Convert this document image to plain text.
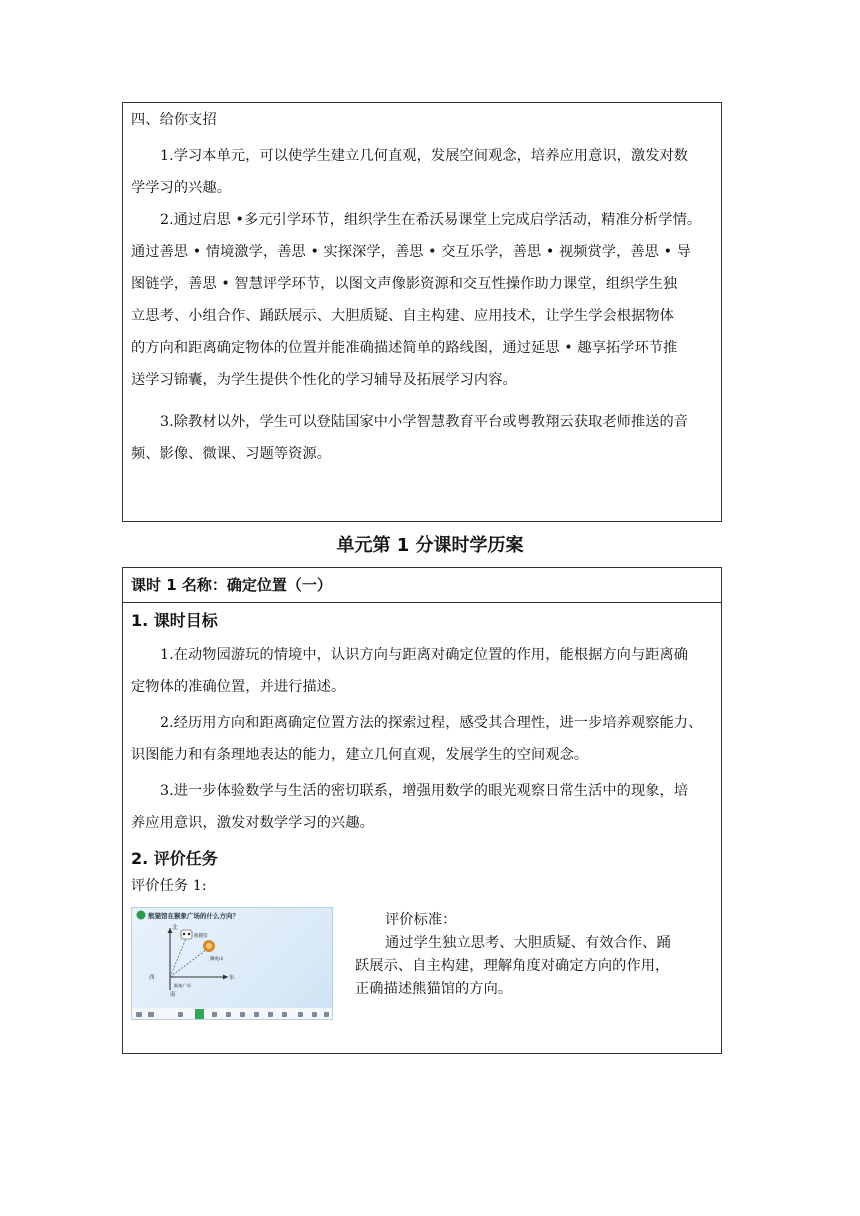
四、给你支招
1.学习本单元，可以使学生建立几何直观，发展空间观念，培养应用意识，激发对数
学学习的兴趣。
2.通过启思 •多元引学环节，组织学生在希沃易课堂上完成启学活动，精准分析学情。
通过善思 • 情境激学，善思 • 实探深学，善思 • 交互乐学，善思 • 视频赏学，善思 • 导
图链学，善思 • 智慧评学环节，以图文声像影资源和交互性操作助力课堂，组织学生独
立思考、小组合作、踊跃展示、大胆质疑、自主构建、应用技术，让学生学会根据物体
的方向和距离确定物体的位置并能准确描述简单的路线图，通过延思 • 趣享拓学环节推
送学习锦囊，为学生提供个性化的学习辅导及拓展学习内容。
3.除教材以外，学生可以登陆国家中小学智慧教育平台或粤教翔云获取老师推送的音
频、影像、微课、习题等资源。
单元第 1 分课时学历案
课时 1 名称：确定位置（一）
1. 课时目标
1.在动物园游玩的情境中，认识方向与距离对确定位置的作用，能根据方向与距离确
定物体的准确位置，并进行描述。
2.经历用方向和距离确定位置方法的探索过程，感受其合理性，进一步培养观察能力、
识图能力和有条理地表达的能力，建立几何直观，发展学生的空间观念。
3.进一步体验数学与生活的密切联系，增强用数学的眼光观察日常生活中的现象，培
养应用意识，激发对数学学习的兴趣。
2. 评价任务
评价任务 1:
熊猫馆在猴象广场的什么方向？
北
南
东
西
熊猫馆
狮虎山
猴象广场
评价标准：
通过学生独立思考、大胆质疑、有效合作、踊
跃展示、自主构建，理解角度对确定方向的作用，
正确描述熊猫馆的方向。
